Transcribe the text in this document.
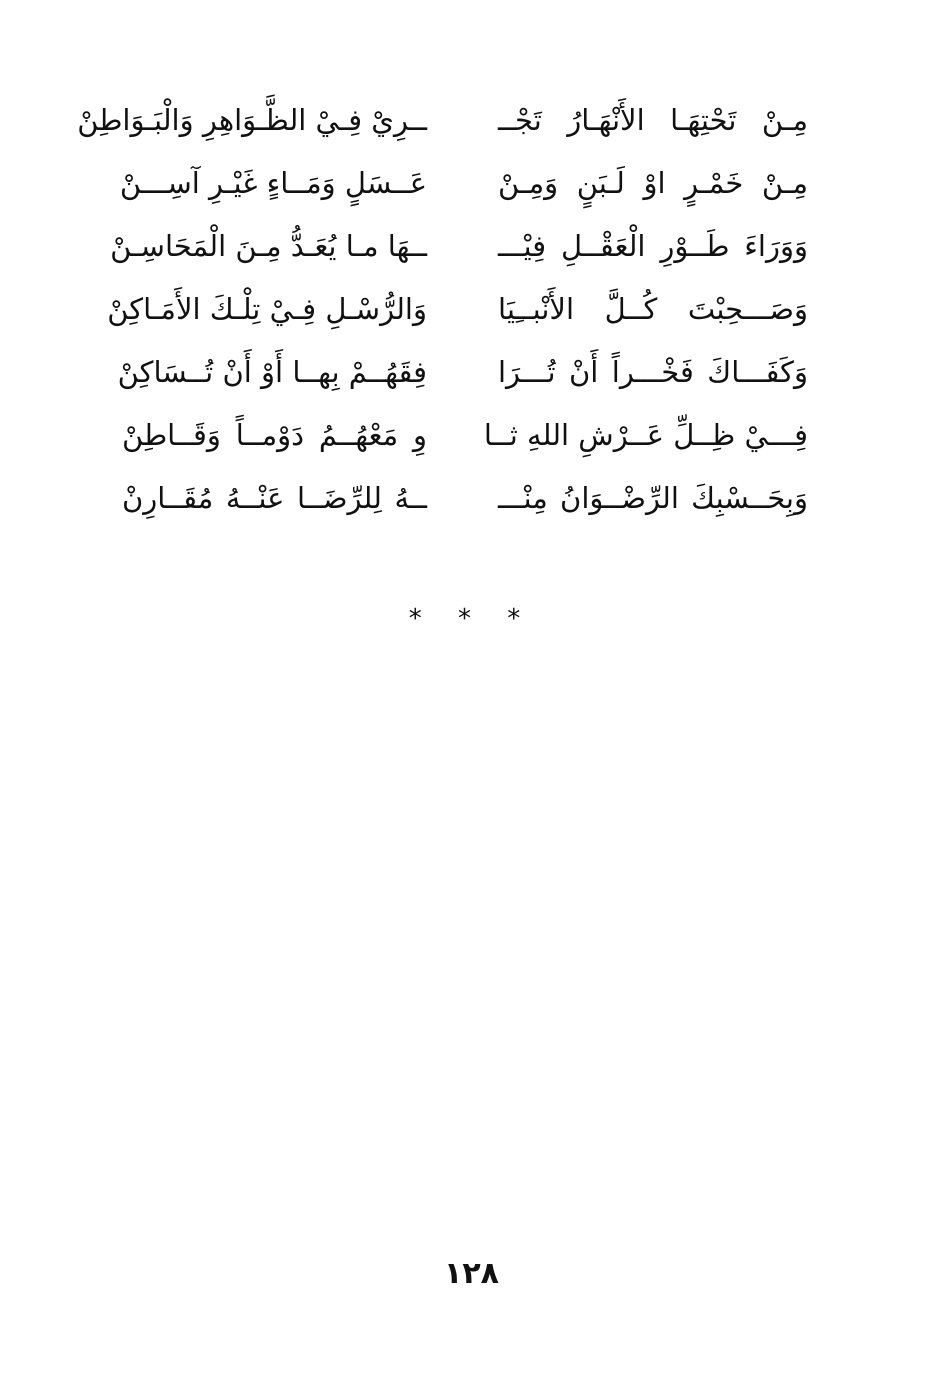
مِـنْ تَحْتِهَـا الأَنْهَـارُ تَجْــ
ــرِيْ فِـيْ الظَّـوَاهِرِ وَالْبَـوَاطِنْ
مِـنْ خَمْـرٍ اوْ لَـبَنٍ وَمِـنْ
عَــسَلٍ وَمَــاءٍ غَيْـرِ آسِـــنْ
وَوَرَاءَ طَــوْرِ الْعَقْــلِ فِيْـــ
ــهَا مـا يُعَـدُّ مِـنَ الْمَحَاسِـنْ
وَصَـــحِبْتَ كُــلَّ الأَنْبــِيَا
وَالرُّسْـلِ فِـيْ تِلْـكَ الأَمَـاكِنْ
وَكَفَـــاكَ فَخْـــراً أَنْ تُـــرَا
فِقَهُــمْ بِهــا أَوْ أَنْ تُــسَاكِنْ
فِـــيْ ظِــلِّ عَــرْشِ اللهِ ثــا
وِ مَعْهُــمُ دَوْمــاً وَقَــاطِنْ
وَبِحَــسْبِكَ الرِّضْــوَانُ مِنْـــ
ــهُ لِلرِّضَــا عَنْــهُ مُقَــارِنْ
* * *
١٢٨
